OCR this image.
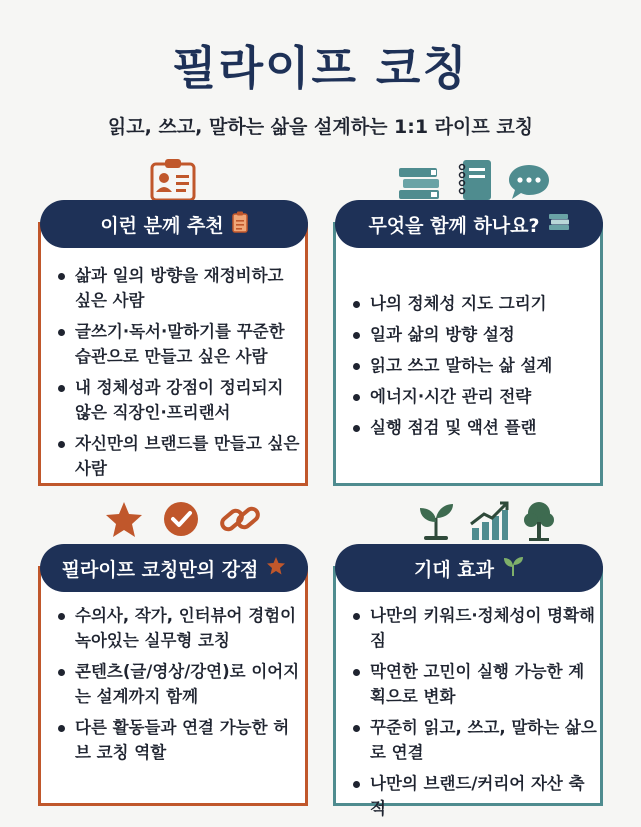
필라이프 코칭
읽고, 쓰고, 말하는 삶을 설계하는 1:1 라이프 코칭
삶과 일의 방향을 재정비하고 싶은 사람
글쓰기·독서·말하기를 꾸준한 습관으로 만들고 싶은 사람
내 정체성과 강점이 정리되지 않은 직장인·프리랜서
자신만의 브랜드를 만들고 싶은 사람
이런 분께 추천
나의 정체성 지도 그리기
일과 삶의 방향 설정
읽고 쓰고 말하는 삶 설계
에너지·시간 관리 전략
실행 점검 및 액션 플랜
무엇을 함께 하나요?
수의사, 작가, 인터뷰어 경험이 녹아있는 실무형 코칭
콘텐츠(글/영상/강연)로 이어지는 설계까지 함께
다른 활동들과 연결 가능한 허브 코칭 역할
필라이프 코칭만의 강점
나만의 키워드·정체성이 명확해짐
막연한 고민이 실행 가능한 계획으로 변화
꾸준히 읽고, 쓰고, 말하는 삶으로 연결
나만의 브랜드/커리어 자산 축적
기대 효과
